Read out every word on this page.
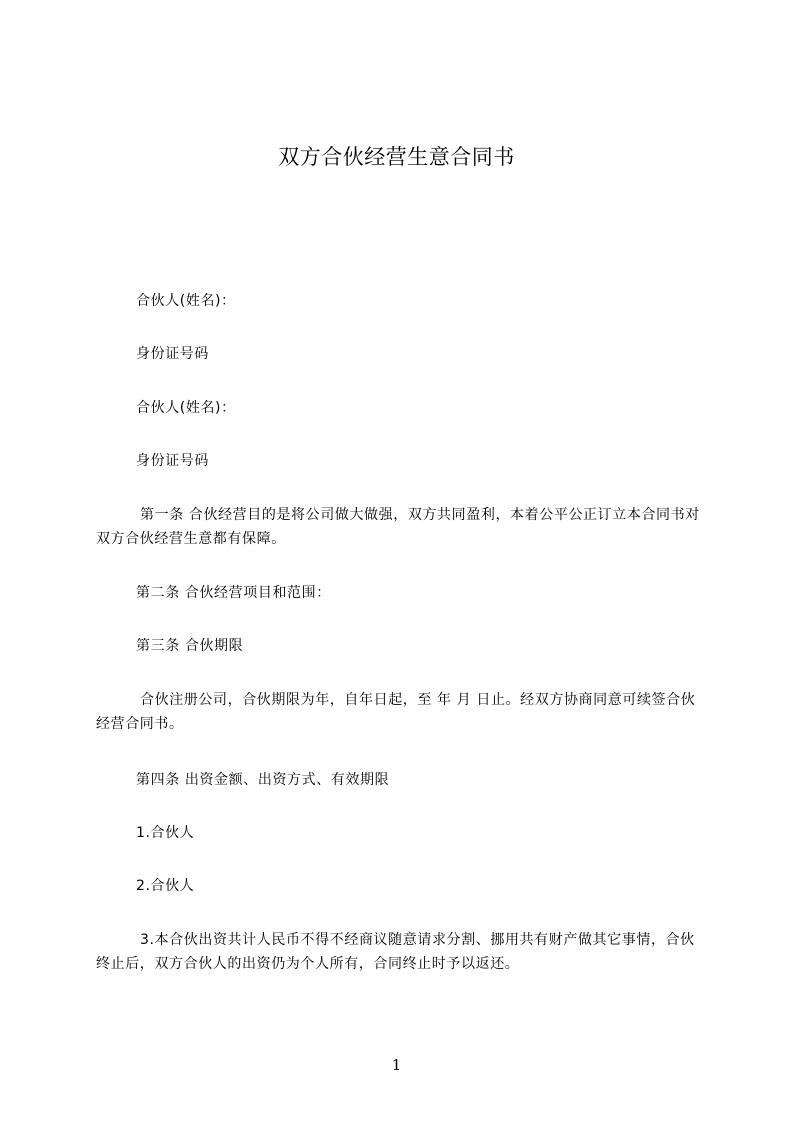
双方合伙经营生意合同书
合伙人(姓名)：
身份证号码
合伙人(姓名)：
身份证号码
第一条 合伙经营目的是将公司做大做强，双方共同盈利，本着公平公正订立本合同书对双方合伙经营生意都有保障。
第二条 合伙经营项目和范围：
第三条 合伙期限
合伙注册公司，合伙期限为年，自年日起，至 年 月 日止。经双方协商同意可续签合伙经营合同书。
第四条 出资金额、出资方式、有效期限
1.合伙人
2.合伙人
3.本合伙出资共计人民币不得不经商议随意请求分割、挪用共有财产做其它事情，合伙终止后，双方合伙人的出资仍为个人所有，合同终止时予以返还。
1
